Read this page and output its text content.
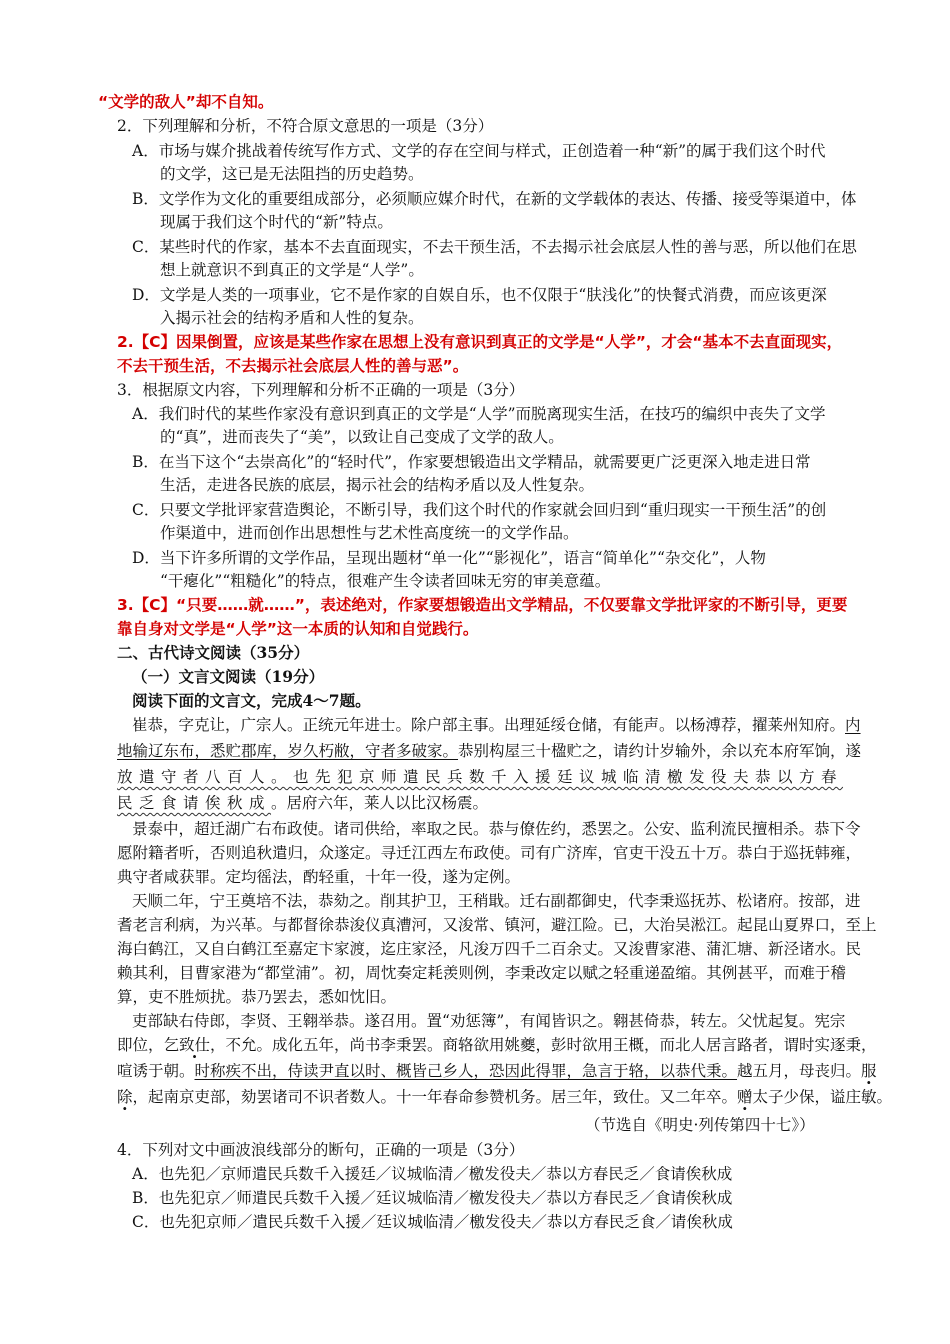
“文学的敌人”却不自知。
2．下列理解和分析，不符合原文意思的一项是（3分）
A．市场与媒介挑战着传统写作方式、文学的存在空间与样式，正创造着一种“新”的属于我们这个时代
的文学，这已是无法阻挡的历史趋势。
B．文学作为文化的重要组成部分，必须顺应媒介时代，在新的文学载体的表达、传播、接受等渠道中，体
现属于我们这个时代的“新”特点。
C．某些时代的作家，基本不去直面现实，不去干预生活，不去揭示社会底层人性的善与恶，所以他们在思
想上就意识不到真正的文学是“人学”。
D．文学是人类的一项事业，它不是作家的自娱自乐，也不仅限于“肤浅化”的快餐式消费，而应该更深
入揭示社会的结构矛盾和人性的复杂。
2.【C】因果倒置，应该是某些作家在思想上没有意识到真正的文学是“人学”，才会“基本不去直面现实，
不去干预生活，不去揭示社会底层人性的善与恶”。
3．根据原文内容，下列理解和分析不正确的一项是（3分）
A．我们时代的某些作家没有意识到真正的文学是“人学”而脱离现实生活，在技巧的编织中丧失了文学
的“真”，进而丧失了“美”，以致让自己变成了文学的敌人。
B．在当下这个“去崇高化”的“轻时代”，作家要想锻造出文学精品，就需要更广泛更深入地走进日常
生活，走进各民族的底层，揭示社会的结构矛盾以及人性复杂。
C．只要文学批评家营造舆论，不断引导，我们这个时代的作家就会回归到“重归现实一干预生活”的创
作渠道中，进而创作出思想性与艺术性高度统一的文学作品。
D．当下许多所谓的文学作品，呈现出题材“单一化”“影视化”，语言“简单化”“杂交化”，人物
“干瘪化”“粗糙化”的特点，很难产生令读者回味无穷的审美意蕴。
3.【C】“只要……就……”，表述绝对，作家要想锻造出文学精品，不仅要靠文学批评家的不断引导，更要
靠自身对文学是“人学”这一本质的认知和自觉践行。
二、古代诗文阅读（35分）
（一）文言文阅读（19分）
阅读下面的文言文，完成4～7题。
崔恭，字克让，广宗人。正统元年进士。除户部主事。出理延绥仓储，有能声。以杨溥荐，擢莱州知府。内
地输辽东布，悉贮郡库，岁久朽敝，守者多破家。恭别构屋三十楹贮之，请约计岁输外，余以充本府军饷，遂
放遣守者八百人。也先犯京师遣民兵数千入援廷议城临清檄发役夫恭以方春
民乏食请俟秋成。居府六年，莱人以比汉杨震。
景泰中，超迁湖广右布政使。诸司供给，率取之民。恭与僚佐约，悉罢之。公安、监利流民擅相杀。恭下令
愿附籍者听，否则追秋遣归，众遂定。寻迁江西左布政使。司有广济库，官吏干没五十万。恭白于巡抚韩雍，
典守者咸获罪。定均徭法，酌轻重，十年一役，遂为定例。
天顺二年，宁王奠培不法，恭劾之。削其护卫，王稍戢。迁右副都御史，代李秉巡抚苏、松诸府。按部，进
耆老言利病，为兴革。与都督徐恭浚仪真漕河，又浚常、镇河，避江险。已，大治吴淞江。起昆山夏界口，至上
海白鹤江，又自白鹤江至嘉定卞家渡，迄庄家泾，凡浚万四千二百余丈。又浚曹家港、蒲汇塘、新泾诸水。民
赖其利，目曹家港为“都堂浦”。初，周忱奏定耗羡则例，李秉改定以赋之轻重递盈缩。其例甚平，而难于稽
算，吏不胜烦扰。恭乃罢去，悉如忱旧。
吏部缺右侍郎，李贤、王翱举恭。遂召用。置“劝惩簿”，有闻皆识之。翱甚倚恭，转左。父忧起复。宪宗
即位，乞致仕，不允。成化五年，尚书李秉罢。商辂欲用姚夔，彭时欲用王概，而北人居言路者，谓时实逐秉，
喧诱于朝。时称疾不出，侍读尹直以时、概皆己乡人，恐因此得罪，急言于辂，以恭代秉。越五月，母丧归。服
除，起南京吏部，劾罢诸司不识者数人。十一年春命参赞机务。居三年，致仕。又二年卒。赠太子少保，谥庄敏。
（节选自《明史·列传第四十七》）
4．下列对文中画波浪线部分的断句，正确的一项是（3分）
A．也先犯／京师遣民兵数千入援廷／议城临清／檄发役夫／恭以方春民乏／食请俟秋成
B．也先犯京／师遣民兵数千入援／廷议城临清／檄发役夫／恭以方春民乏／食请俟秋成
C．也先犯京师／遣民兵数千入援／廷议城临清／檄发役夫／恭以方春民乏食／请俟秋成
